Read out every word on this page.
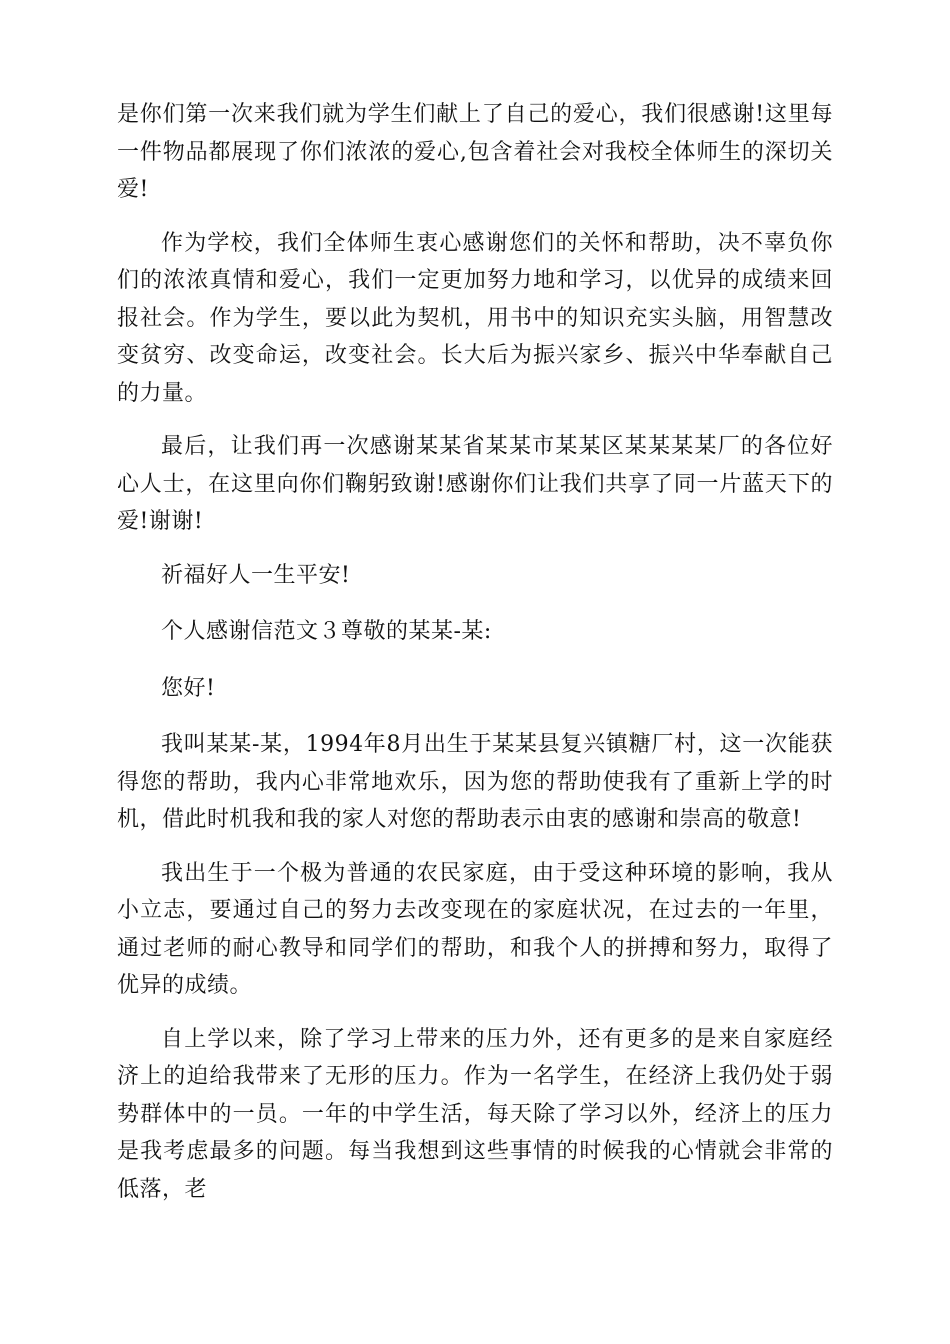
是你们第一次来我们就为学生们献上了自己的爱心，我们很感谢!这里每一件物品都展现了你们浓浓的爱心,包含着社会对我校全体师生的深切关爱!

作为学校，我们全体师生衷心感谢您们的关怀和帮助，决不辜负你们的浓浓真情和爱心，我们一定更加努力地和学习，以优异的成绩来回报社会。作为学生，要以此为契机，用书中的知识充实头脑，用智慧改变贫穷、改变命运，改变社会。长大后为振兴家乡、振兴中华奉献自己的力量。

最后，让我们再一次感谢某某省某某市某某区某某某某厂的各位好心人士，在这里向你们鞠躬致谢!感谢你们让我们共享了同一片蓝天下的爱!谢谢!

祈福好人一生平安!

个人感谢信范文３尊敬的某某-某:

您好!

我叫某某-某，1994年8月出生于某某县复兴镇糖厂村，这一次能获得您的帮助，我内心非常地欢乐，因为您的帮助使我有了重新上学的时机，借此时机我和我的家人对您的帮助表示由衷的感谢和崇高的敬意!

我出生于一个极为普通的农民家庭，由于受这种环境的影响，我从小立志，要通过自己的努力去改变现在的家庭状况，在过去的一年里，通过老师的耐心教导和同学们的帮助，和我个人的拼搏和努力，取得了优异的成绩。

自上学以来，除了学习上带来的压力外，还有更多的是来自家庭经济上的迫给我带来了无形的压力。作为一名学生，在经济上我仍处于弱势群体中的一员。一年的中学生活，每天除了学习以外，经济上的压力是我考虑最多的问题。每当我想到这些事情的时候我的心情就会非常的低落，老
